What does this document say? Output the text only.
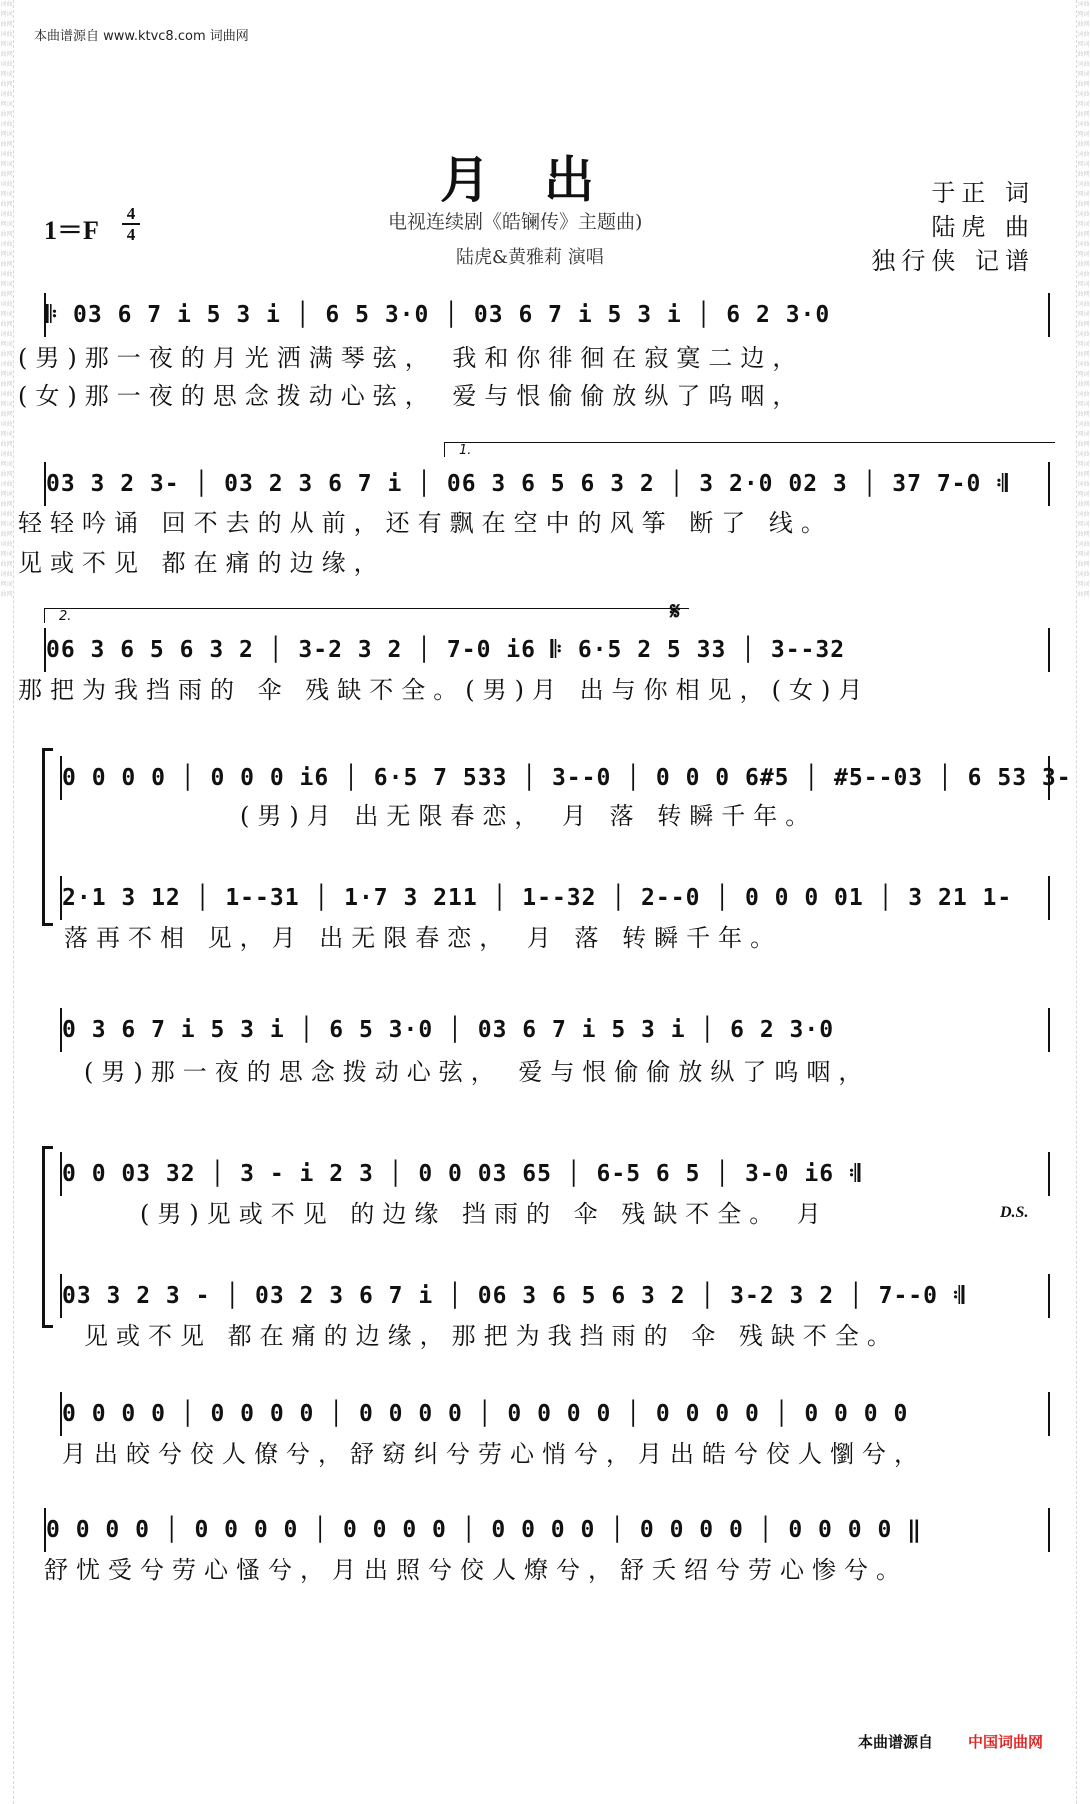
词曲网词曲网词曲网词曲网词曲网词曲网词曲网词曲网词曲网词曲网词曲网词曲网词曲网词曲网词曲网词曲网词曲网词曲网词曲网词曲网词曲网词曲网词曲网词曲网词曲网词曲网词曲网词曲网词曲网词曲网词曲网词曲网词曲网词曲网词曲网词曲网词曲网词曲网词曲网词曲网
词曲网词曲网词曲网词曲网词曲网词曲网词曲网词曲网词曲网词曲网词曲网词曲网词曲网词曲网词曲网词曲网词曲网词曲网词曲网词曲网词曲网词曲网词曲网词曲网词曲网词曲网词曲网词曲网词曲网词曲网词曲网词曲网词曲网词曲网词曲网词曲网词曲网词曲网词曲网词曲网
本曲谱源自 www.ktvc8.com 词曲网
月出
电视连续剧《皓镧传》主题曲)
陆虎&黄雅莉 演唱
1＝F
4
4
于正 词
陆虎 曲
独行侠 记谱
𝄆 03 6 7 i 5 3 i │ 6 5 3·0 │ 03 6 7 i 5 3 i │ 6 2 3·0
(男)那一夜的月光洒满琴弦， 我和你徘徊在寂寞二边，
(女)那一夜的思念拨动心弦， 爱与恨偷偷放纵了呜咽，
1.
03 3 2 3- │ 03 2 3 6 7 i │ 06 3 6 5 6 3 2 │ 3 2·0 02 3 │ 37 7-0 𝄇
轻轻吟诵 回不去的从前，还有飘在空中的风筝 断了 线。
见或不见 都在痛的边缘，
2.	𝄋
06 3 6 5 6 3 2 │ 3-2 3 2 │ 7-0 i6 𝄆 6·5 2 5 33 │ 3--32
那把为我挡雨的 伞 残缺不全。(男)月 出与你相见，(女)月
0 0 0 0 │ 0 0 0 i6 │ 6·5 7 533 │ 3--0 │ 0 0 0 6#5 │ #5--03 │ 6 53 3-
(男)月 出无限春恋， 月 落 转瞬千年。
2·1 3 12 │ 1--31 │ 1·7 3 211 │ 1--32 │ 2--0 │ 0 0 0 01 │ 3 21 1-
落再不相 见，月 出无限春恋， 月 落 转瞬千年。
0 3 6 7 i 5 3 i │ 6 5 3·0 │ 03 6 7 i 5 3 i │ 6 2 3·0
(男)那一夜的思念拨动心弦， 爱与恨偷偷放纵了呜咽，
0 0 03 32 │ 3 - i 2 3 │ 0 0 03 65 │ 6-5 6 5 │ 3-0 i6 𝄇
(男)见或不见 的边缘 挡雨的 伞 残缺不全。 月	D.S.
03 3 2 3 - │ 03 2 3 6 7 i │ 06 3 6 5 6 3 2 │ 3-2 3 2 │ 7--0 𝄇
见或不见 都在痛的边缘，那把为我挡雨的 伞 残缺不全。
0 0 0 0 │ 0 0 0 0 │ 0 0 0 0 │ 0 0 0 0 │ 0 0 0 0 │ 0 0 0 0
月出皎兮佼人僚兮，舒窈纠兮劳心悄兮，月出皓兮佼人懰兮，
0 0 0 0 │ 0 0 0 0 │ 0 0 0 0 │ 0 0 0 0 │ 0 0 0 0 │ 0 0 0 0 ‖
舒忧受兮劳心慅兮，月出照兮佼人燎兮，舒夭绍兮劳心惨兮。
本曲谱源自 中国词曲网
